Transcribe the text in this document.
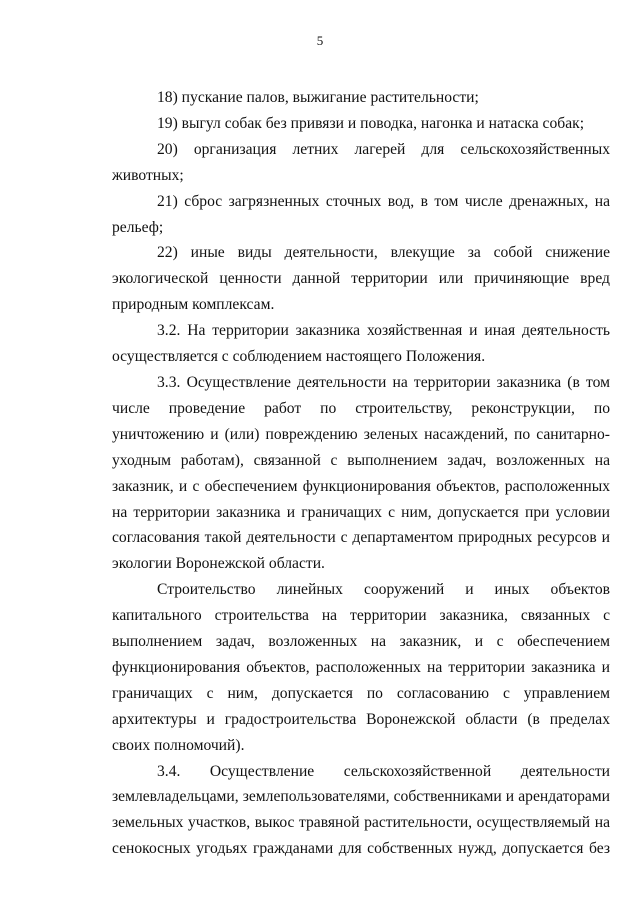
5

18) пускание палов, выжигание растительности;

19) выгул собак без привязи и поводка, нагонка и натаска собак;

20) организация летних лагерей для сельскохозяйственных животных;

21) сброс загрязненных сточных вод, в том числе дренажных, на рельеф;

22) иные виды деятельности, влекущие за собой снижение экологической ценности данной территории или причиняющие вред природным комплексам.

3.2. На территории заказника хозяйственная и иная деятельность осуществляется с соблюдением настоящего Положения.

3.3. Осуществление деятельности на территории заказника (в том числе проведение работ по строительству, реконструкции, по уничтожению и (или) повреждению зеленых насаждений, по санитарно-уходным работам), связанной с выполнением задач, возложенных на заказник, и с обеспечением функционирования объектов, расположенных на территории заказника и граничащих с ним, допускается при условии согласования такой деятельности с департаментом природных ресурсов и экологии Воронежской области.

Строительство линейных сооружений и иных объектов капитального строительства на территории заказника, связанных с выполнением задач, возложенных на заказник, и с обеспечением функционирования объектов, расположенных на территории заказника и граничащих с ним, допускается по согласованию с управлением архитектуры и градостроительства Воронежской области (в пределах своих полномочий).

3.4. Осуществление сельскохозяйственной деятельности землевладельцами, землепользователями, собственниками и арендаторами земельных участков, выкос травяной растительности, осуществляемый на сенокосных угодьях гражданами для собственных нужд, допускается без
